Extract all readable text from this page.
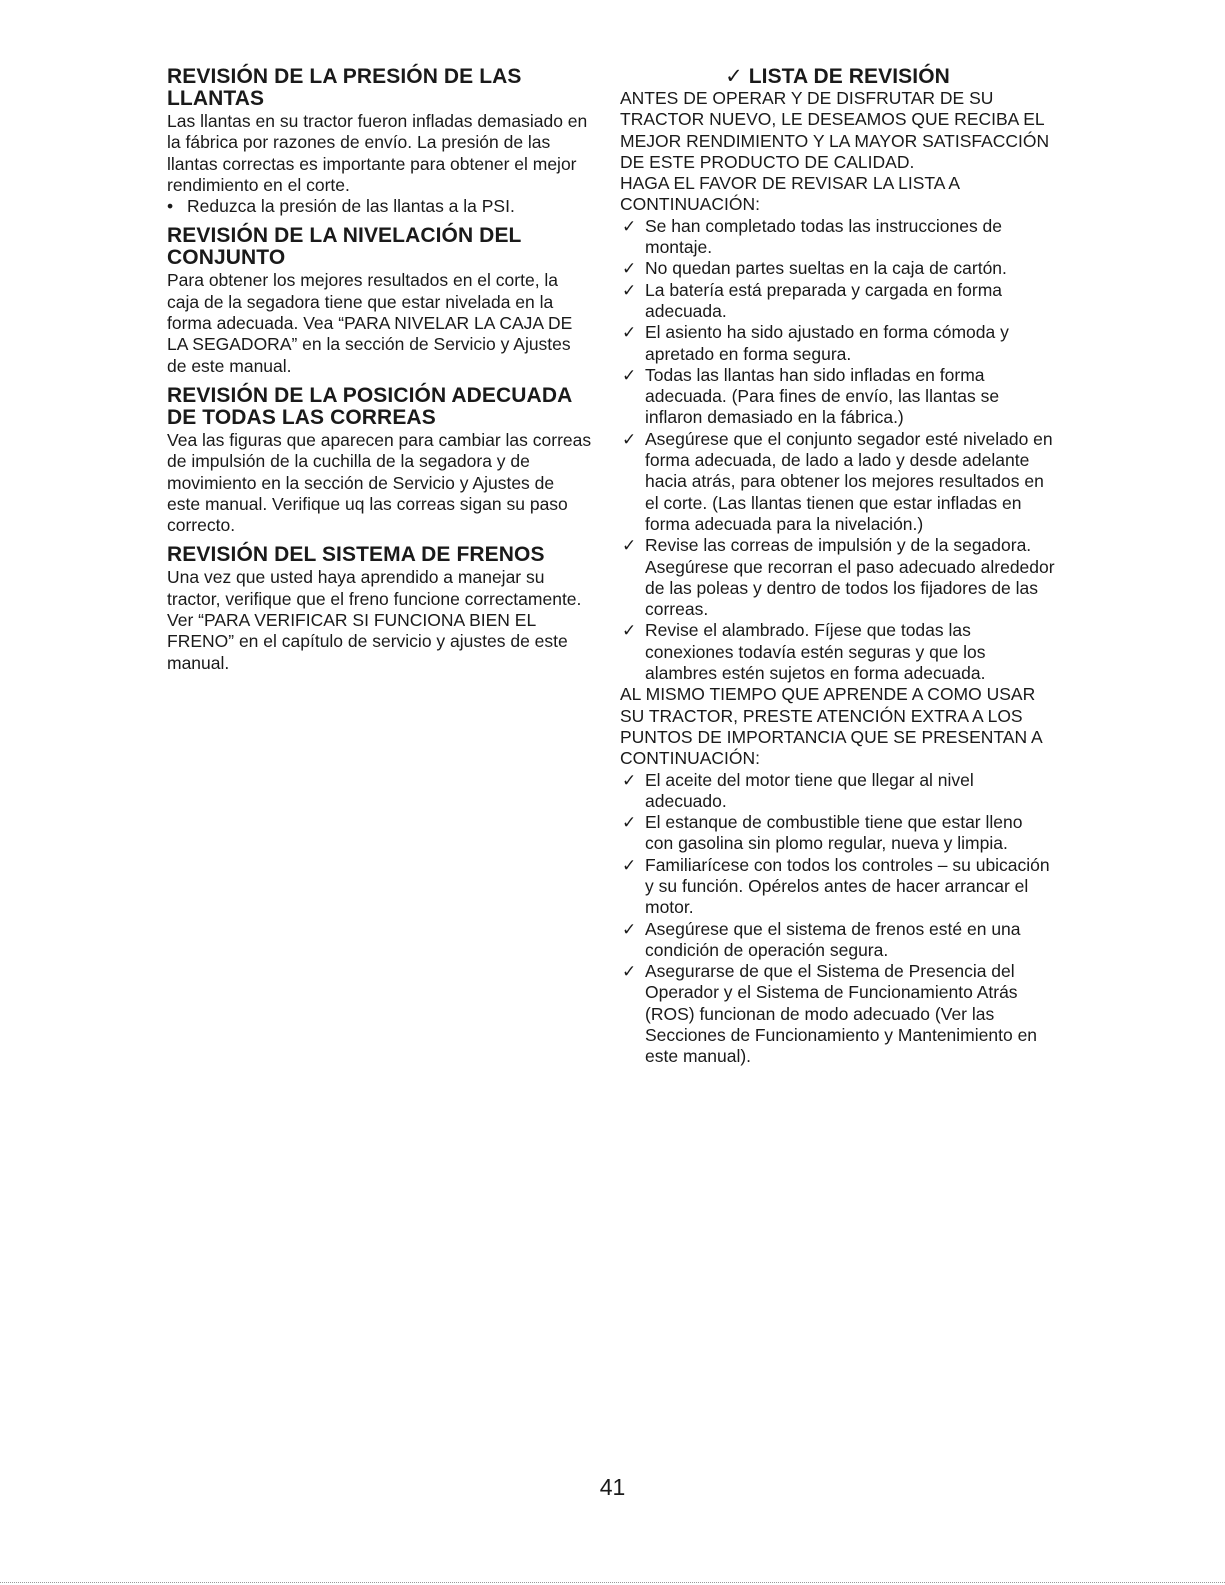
REVISIÓN DE LA PRESIÓN DE LAS LLANTAS

Las llantas en su tractor fueron infladas demasiado en la fábrica por razones de envío. La presión de las llantas correctas es importante para obtener el mejor rendimiento en el corte.

• Reduzca la presión de las llantas a la PSI.

REVISIÓN DE LA NIVELACIÓN DEL CONJUNTO

Para obtener los mejores resultados en el corte, la caja de la segadora tiene que estar nivelada en la forma adecuada. Vea “PARA NIVELAR LA CAJA DE LA SEGADORA” en la sección de Servicio y Ajustes de este manual.

REVISIÓN DE LA POSICIÓN ADECUADA DE TODAS LAS CORREAS

Vea las figuras que aparecen para cambiar las correas de impulsión de la cuchilla de la segadora y de movimiento en la sección de Servicio y Ajustes de este manual. Verifique uq las correas sigan su paso correcto.

REVISIÓN DEL SISTEMA DE FRENOS

Una vez que usted haya aprendido a manejar su tractor, verifique que el freno funcione correctamente. Ver “PARA VERIFICAR SI FUNCIONA BIEN EL FRENO” en el capítulo de servicio y ajustes de este manual.

✓ LISTA DE REVISIÓN

ANTES DE OPERAR Y DE DISFRUTAR DE SU TRACTOR NUEVO, LE DESEAMOS QUE RECIBA EL MEJOR RENDIMIENTO Y LA MAYOR SATISFACCIÓN DE ESTE PRODUCTO DE CALIDAD.

HAGA EL FAVOR DE REVISAR LA LISTA A CONTINUACIÓN:

✓ Se han completado todas las instrucciones de montaje.
✓ No quedan partes sueltas en la caja de cartón.
✓ La batería está preparada y cargada en forma adecuada.
✓ El asiento ha sido ajustado en forma cómoda y apretado en forma segura.
✓ Todas las llantas han sido infladas en forma adecuada. (Para fines de envío, las llantas se inflaron demasiado en la fábrica.)
✓ Asegúrese que el conjunto segador esté nivelado en forma adecuada, de lado a lado y desde adelante hacia atrás, para obtener los mejores resultados en el corte. (Las llantas tienen que estar infladas en forma adecuada para la nivelación.)
✓ Revise las correas de impulsión y de la segadora. Asegúrese que recorran el paso adecuado alrededor de las poleas y dentro de todos los fijadores de las correas.
✓ Revise el alambrado. Fíjese que todas las conexiones todavía estén seguras y que los alambres estén sujetos en forma adecuada.

AL MISMO TIEMPO QUE APRENDE A COMO USAR SU TRACTOR, PRESTE ATENCIÓN EXTRA A LOS PUNTOS DE IMPORTANCIA QUE SE PRESENTAN A CONTINUACIÓN:

✓ El aceite del motor tiene que llegar al nivel adecuado.
✓ El estanque de combustible tiene que estar lleno con gasolina sin plomo regular, nueva y limpia.
✓ Familiarícese con todos los controles – su ubicación y su función. Opérelos antes de hacer arrancar el motor.
✓ Asegúrese que el sistema de frenos esté en una condición de operación segura.
✓ Asegurarse de que el Sistema de Presencia del Operador y el Sistema de Funcionamiento Atrás (ROS) funcionan de modo adecuado (Ver las Secciones de Funcionamiento y Mantenimiento en este manual).
41
